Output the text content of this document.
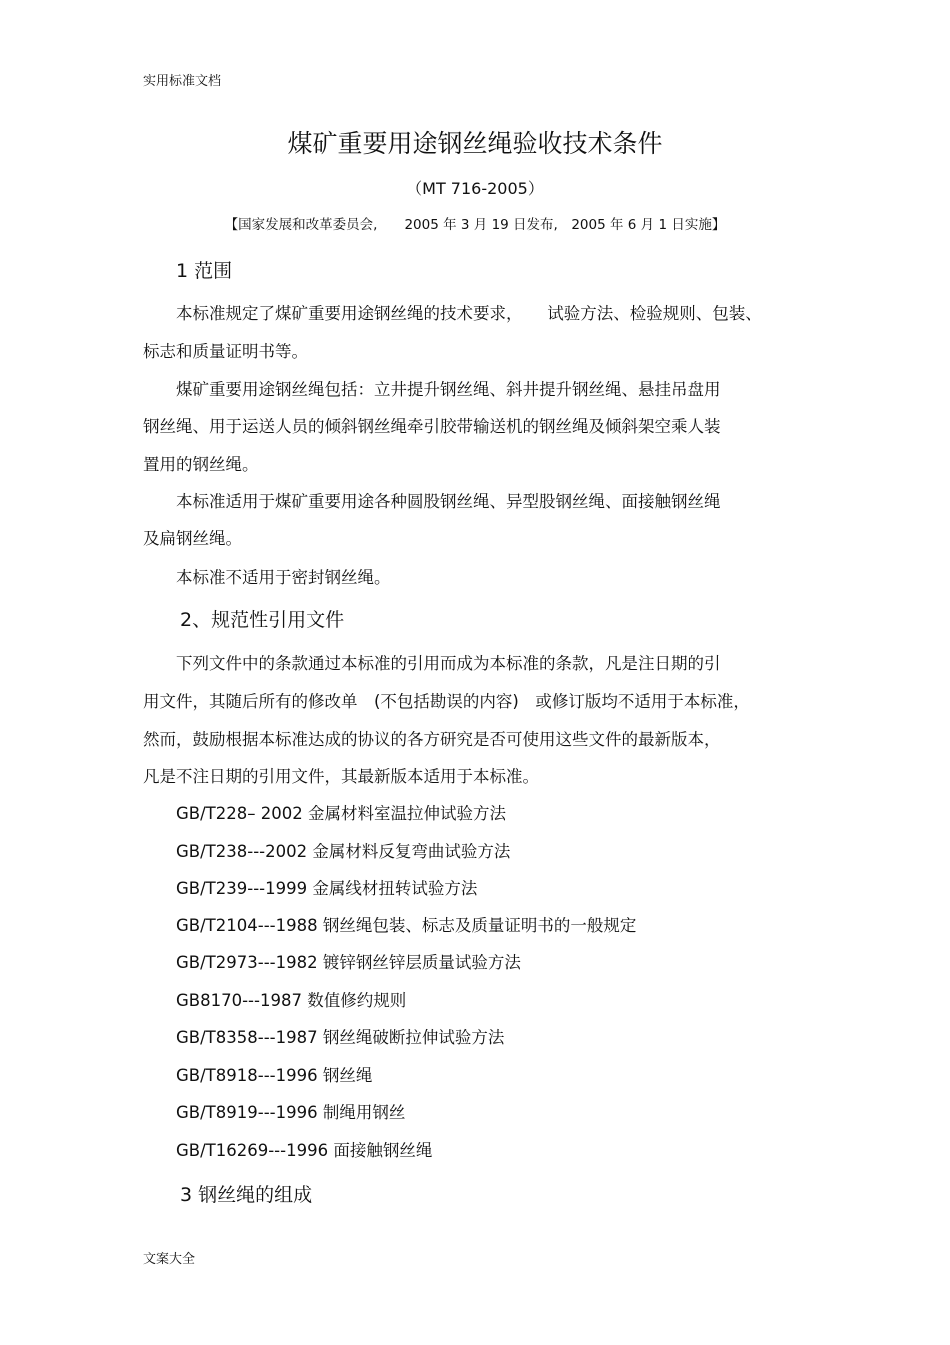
实用标准文档
煤矿重要用途钢丝绳验收技术条件
（MT 716-2005）
【国家发展和改革委员会,　　2005 年 3 月 19 日发布,　2005 年 6 月 1 日实施】
1 范围
本标准规定了煤矿重要用途钢丝绳的技术要求，　　试验方法、检验规则、包装、
标志和质量证明书等。
煤矿重要用途钢丝绳包括：立井提升钢丝绳、斜井提升钢丝绳、悬挂吊盘用
钢丝绳、用于运送人员的倾斜钢丝绳牵引胶带输送机的钢丝绳及倾斜架空乘人装
置用的钢丝绳。
本标准适用于煤矿重要用途各种圆股钢丝绳、异型股钢丝绳、面接触钢丝绳
及扁钢丝绳。
本标准不适用于密封钢丝绳。
2、规范性引用文件
下列文件中的条款通过本标准的引用而成为本标准的条款，凡是注日期的引
用文件，其随后所有的修改单　(不包括勘误的内容)　或修订版均不适用于本标准，
然而，鼓励根据本标准达成的协议的各方研究是否可使用这些文件的最新版本，
凡是不注日期的引用文件，其最新版本适用于本标准。
GB/T228– 2002 金属材料室温拉伸试验方法
GB/T238---2002 金属材料反复弯曲试验方法
GB/T239---1999 金属线材扭转试验方法
GB/T2104---1988 钢丝绳包装、标志及质量证明书的一般规定
GB/T2973---1982 镀锌钢丝锌层质量试验方法
GB8170---1987 数值修约规则
GB/T8358---1987 钢丝绳破断拉伸试验方法
GB/T8918---1996 钢丝绳
GB/T8919---1996 制绳用钢丝
GB/T16269---1996 面接触钢丝绳
3 钢丝绳的组成
文案大全
